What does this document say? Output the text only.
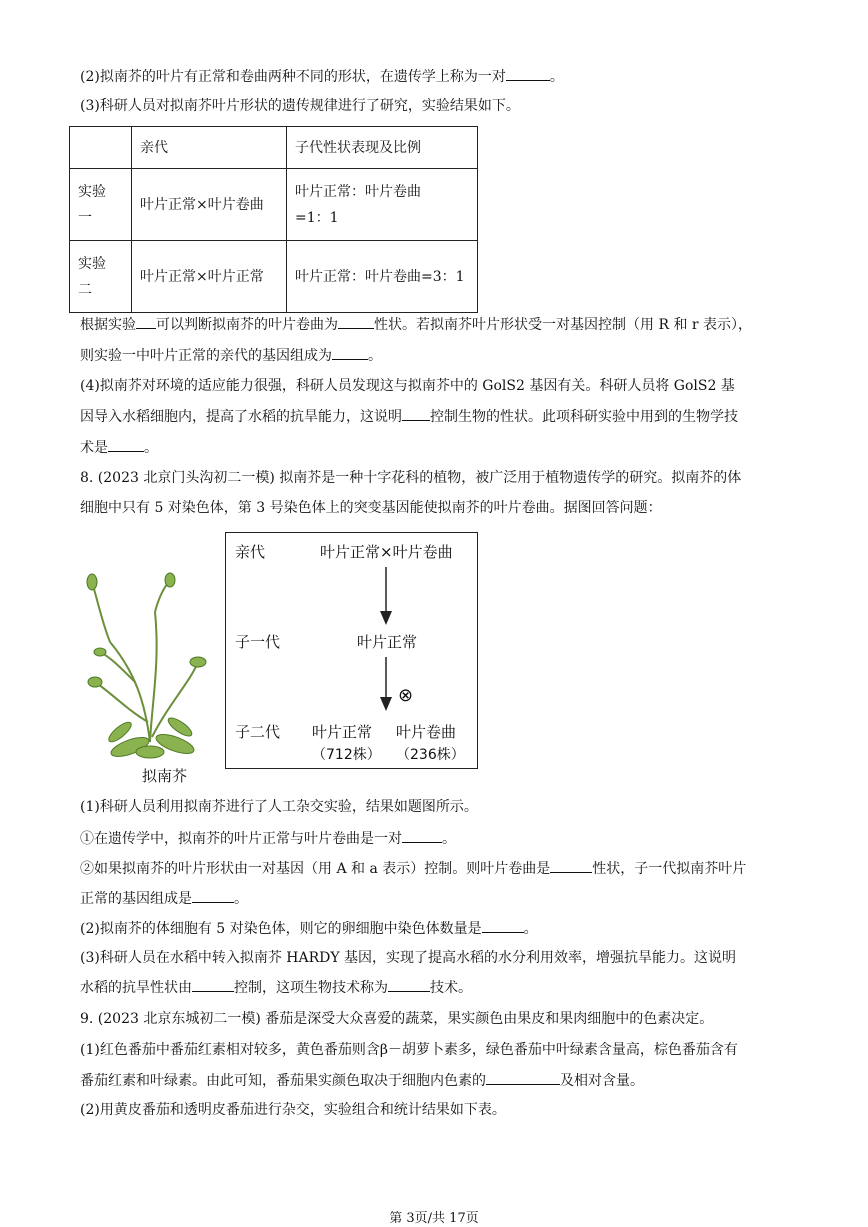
(2)拟南芥的叶片有正常和卷曲两种不同的形状，在遗传学上称为一对	。
(3)科研人员对拟南芥叶片形状的遗传规律进行了研究，实验结果如下。
	亲代	子代性状表现及比例
实验
一	叶片正常×叶片卷曲	叶片正常：叶片卷曲
=1：1
实验
二	叶片正常×叶片正常	叶片正常：叶片卷曲=3：1
根据实验 可以判断拟南芥的叶片卷曲为	性状。若拟南芥叶片形状受一对基因控制（用 R 和 r 表示），
则实验一中叶片正常的亲代的基因组成为	。
(4)拟南芥对环境的适应能力很强，科研人员发现这与拟南芥中的 GolS2 基因有关。科研人员将 GolS2 基
因导入水稻细胞内，提高了水稻的抗旱能力，这说明 控制生物的性状。此项科研实验中用到的生物学技
术是	。
8. (2023 北京门头沟初二一模) 拟南芥是一种十字花科的植物，被广泛用于植物遗传学的研究。拟南芥的体
细胞中只有 5 对染色体，第 3 号染色体上的突变基因能使拟南芥的叶片卷曲。据图回答问题：
拟南芥
亲代	叶片正常×叶片卷曲
子一代	叶片正常
⊗
子二代 叶片正常 叶片卷曲
（712株） （236株）
(1)科研人员利用拟南芥进行了人工杂交实验，结果如题图所示。
①在遗传学中，拟南芥的叶片正常与叶片卷曲是一对	。
②如果拟南芥的叶片形状由一对基因（用 A 和 a 表示）控制。则叶片卷曲是	性状，子一代拟南芥叶片
正常的基因组成是	。
(2)拟南芥的体细胞有 5 对染色体，则它的卵细胞中染色体数量是	。
(3)科研人员在水稻中转入拟南芥 HARDY 基因，实现了提高水稻的水分利用效率，增强抗旱能力。这说明
水稻的抗旱性状由	控制，这项生物技术称为	技术。
9. (2023 北京东城初二一模) 番茄是深受大众喜爱的蔬菜，果实颜色由果皮和果肉细胞中的色素决定。
(1)红色番茄中番茄红素相对较多，黄色番茄则含β－胡萝卜素多，绿色番茄中叶绿素含量高，棕色番茄含有
番茄红素和叶绿素。由此可知，番茄果实颜色取决于细胞内色素的	及相对含量。
(2)用黄皮番茄和透明皮番茄进行杂交，实验组合和统计结果如下表。
第 3页/共 17页
